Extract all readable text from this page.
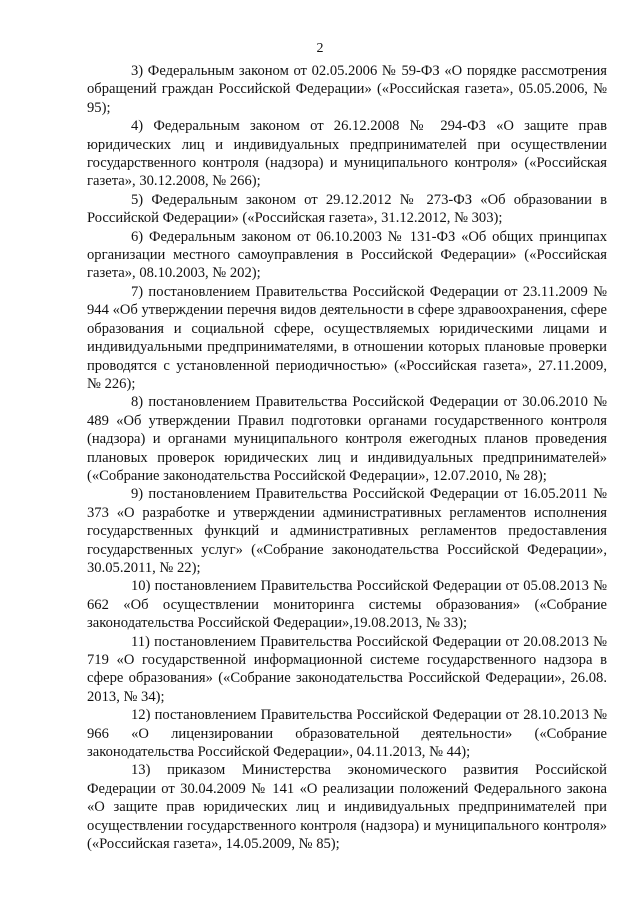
2

3) Федеральным законом от 02.05.2006 № 59-ФЗ «О порядке рассмотрения обращений граждан Российской Федерации» («Российская газета», 05.05.2006, № 95);

4) Федеральным законом от 26.12.2008 № 294-ФЗ «О защите прав юридических лиц и индивидуальных предпринимателей при осуществлении государственного контроля (надзора) и муниципального контроля» («Российская газета», 30.12.2008, № 266);

5) Федеральным законом от 29.12.2012 № 273-ФЗ «Об образовании в Российской Федерации» («Российская газета», 31.12.2012, № 303);

6) Федеральным законом от 06.10.2003 № 131-ФЗ «Об общих принципах организации местного самоуправления в Российской Федерации» («Российская газета», 08.10.2003, № 202);

7) постановлением Правительства Российской Федерации от 23.11.2009 № 944 «Об утверждении перечня видов деятельности в сфере здравоохранения, сфере образования и социальной сфере, осуществляемых юридическими лицами и индивидуальными предпринимателями, в отношении которых плановые проверки проводятся с установленной периодичностью» («Российская газета», 27.11.2009, № 226);

8) постановлением Правительства Российской Федерации от 30.06.2010 № 489 «Об утверждении Правил подготовки органами государственного контроля (надзора) и органами муниципального контроля ежегодных планов проведения плановых проверок юридических лиц и индивидуальных предпринимателей» («Собрание законодательства Российской Федерации», 12.07.2010, № 28);

9) постановлением Правительства Российской Федерации от 16.05.2011 № 373 «О разработке и утверждении административных регламентов исполнения государственных функций и административных регламентов предоставления государственных услуг» («Собрание законодательства Российской Федерации», 30.05.2011, № 22);

10) постановлением Правительства Российской Федерации от 05.08.2013 № 662 «Об осуществлении мониторинга системы образования» («Собрание законодательства Российской Федерации»,19.08.2013, № 33);

11) постановлением Правительства Российской Федерации от 20.08.2013 № 719 «О государственной информационной системе государственного надзора в сфере образования» («Собрание законодательства Российской Федерации», 26.08. 2013, № 34);

12) постановлением Правительства Российской Федерации от 28.10.2013 № 966 «О лицензировании образовательной деятельности» («Собрание законодательства Российской Федерации», 04.11.2013, № 44);

13) приказом Министерства экономического развития Российской Федерации от 30.04.2009 № 141 «О реализации положений Федерального закона «О защите прав юридических лиц и индивидуальных предпринимателей при осуществлении государственного контроля (надзора) и муниципального контроля» («Российская газета», 14.05.2009, № 85);
